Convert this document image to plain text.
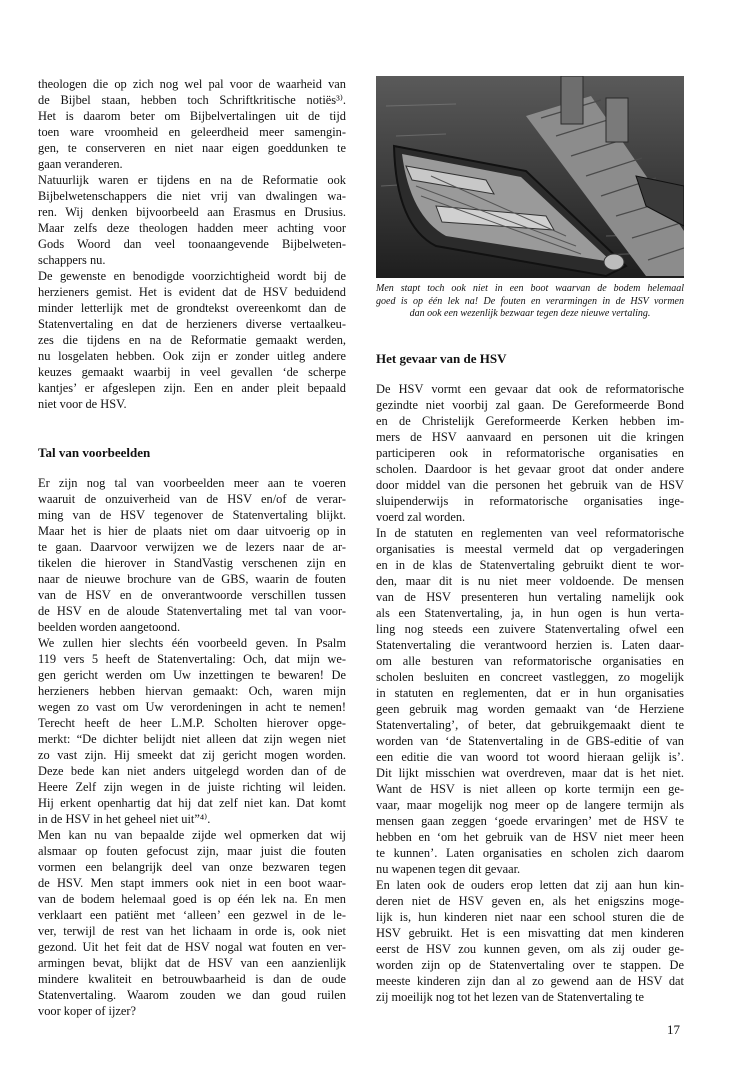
theologen die op zich nog wel pal voor de waarheid van
de Bijbel staan, hebben toch Schriftkritische notiës³⁾.
Het is daarom beter om Bijbelvertalingen uit de tijd
toen ware vroomheid en geleerdheid meer samengin-
gen, te conserveren en niet naar eigen goeddunken te
gaan veranderen.
Natuurlijk waren er tijdens en na de Reformatie ook
Bijbelwetenschappers die niet vrij van dwalingen wa-
ren. Wij denken bijvoorbeeld aan Erasmus en Drusius.
Maar zelfs deze theologen hadden meer achting voor
Gods Woord dan veel toonaangevende Bijbelweten-
schappers nu.
De gewenste en benodigde voorzichtigheid wordt bij de
herzieners gemist. Het is evident dat de HSV beduidend
minder letterlijk met de grondtekst overeenkomt dan de
Statenvertaling en dat de herzieners diverse vertaalkeu-
zes die tijdens en na de Reformatie gemaakt werden,
nu losgelaten hebben. Ook zijn er zonder uitleg andere
keuzes gemaakt waarbij in veel gevallen ‘de scherpe
kantjes’ er afgeslepen zijn. Een en ander pleit bepaald
niet voor de HSV.
Tal van voorbeelden
Er zijn nog tal van voorbeelden meer aan te voeren
waaruit de onzuiverheid van de HSV en/of de verar-
ming van de HSV tegenover de Statenvertaling blijkt.
Maar het is hier de plaats niet om daar uitvoerig op in
te gaan. Daarvoor verwijzen we de lezers naar de ar-
tikelen die hierover in StandVastig verschenen zijn en
naar de nieuwe brochure van de GBS, waarin de fouten
van de HSV en de onverantwoorde verschillen tussen
de HSV en de aloude Statenvertaling met tal van voor-
beelden worden aangetoond.
We zullen hier slechts één voorbeeld geven. In Psalm
119 vers 5 heeft de Statenvertaling: Och, dat mijn we-
gen gericht werden om Uw inzettingen te bewaren! De
herzieners hebben hiervan gemaakt: Och, waren mijn
wegen zo vast om Uw verordeningen in acht te nemen!
Terecht heeft de heer L.M.P. Scholten hierover opge-
merkt: “De dichter belijdt niet alleen dat zijn wegen niet
zo vast zijn. Hij smeekt dat zij gericht mogen worden.
Deze bede kan niet anders uitgelegd worden dan of de
Heere Zelf zijn wegen in de juiste richting wil leiden.
Hij erkent openhartig dat hij dat zelf niet kan. Dat komt
in de HSV in het geheel niet uit”⁴⁾.
Men kan nu van bepaalde zijde wel opmerken dat wij
alsmaar op fouten gefocust zijn, maar juist die fouten
vormen een belangrijk deel van onze bezwaren tegen
de HSV. Men stapt immers ook niet in een boot waar-
van de bodem helemaal goed is op één lek na. En men
verklaart een patiënt met ‘alleen’ een gezwel in de le-
ver, terwijl de rest van het lichaam in orde is, ook niet
gezond. Uit het feit dat de HSV nogal wat fouten en ver-
armingen bevat, blijkt dat de HSV van een aanzienlijk
mindere kwaliteit en betrouwbaarheid is dan de oude
Statenvertaling. Waarom zouden we dan goud ruilen
voor koper of ijzer?
Men stapt toch ook niet in een boot waarvan de bodem helemaal
goed is op één lek na! De fouten en verarmingen in de HSV vormen
dan ook een wezenlijk bezwaar tegen deze nieuwe vertaling.
Het gevaar van de HSV
De HSV vormt een gevaar dat ook de reformatorische
gezindte niet voorbij zal gaan. De Gereformeerde Bond
en de Christelijk Gereformeerde Kerken hebben im-
mers de HSV aanvaard en personen uit die kringen
participeren ook in reformatorische organisaties en
scholen. Daardoor is het gevaar groot dat onder andere
door middel van die personen het gebruik van de HSV
sluipenderwijs in reformatorische organisaties inge-
voerd zal worden.
In de statuten en reglementen van veel reformatorische
organisaties is meestal vermeld dat op vergaderingen
en in de klas de Statenvertaling gebruikt dient te wor-
den, maar dit is nu niet meer voldoende. De mensen
van de HSV presenteren hun vertaling namelijk ook
als een Statenvertaling, ja, in hun ogen is hun verta-
ling nog steeds een zuivere Statenvertaling ofwel een
Statenvertaling die verantwoord herzien is. Laten daar-
om alle besturen van reformatorische organisaties en
scholen besluiten en concreet vastleggen, zo mogelijk
in statuten en reglementen, dat er in hun organisaties
geen gebruik mag worden gemaakt van ‘de Herziene
Statenvertaling’, of beter, dat gebruikgemaakt dient te
worden van ‘de Statenvertaling in de GBS-editie of van
een editie die van woord tot woord hieraan gelijk is’.
Dit lijkt misschien wat overdreven, maar dat is het niet.
Want de HSV is niet alleen op korte termijn een ge-
vaar, maar mogelijk nog meer op de langere termijn als
mensen gaan zeggen ‘goede ervaringen’ met de HSV te
hebben en ‘om het gebruik van de HSV niet meer heen
te kunnen’. Laten organisaties en scholen zich daarom
nu wapenen tegen dit gevaar.
En laten ook de ouders erop letten dat zij aan hun kin-
deren niet de HSV geven en, als het enigszins moge-
lijk is, hun kinderen niet naar een school sturen die de
HSV gebruikt. Het is een misvatting dat men kinderen
eerst de HSV zou kunnen geven, om als zij ouder ge-
worden zijn op de Statenvertaling over te stappen. De
meeste kinderen zijn dan al zo gewend aan de HSV dat
zij moeilijk nog tot het lezen van de Statenvertaling te
17
